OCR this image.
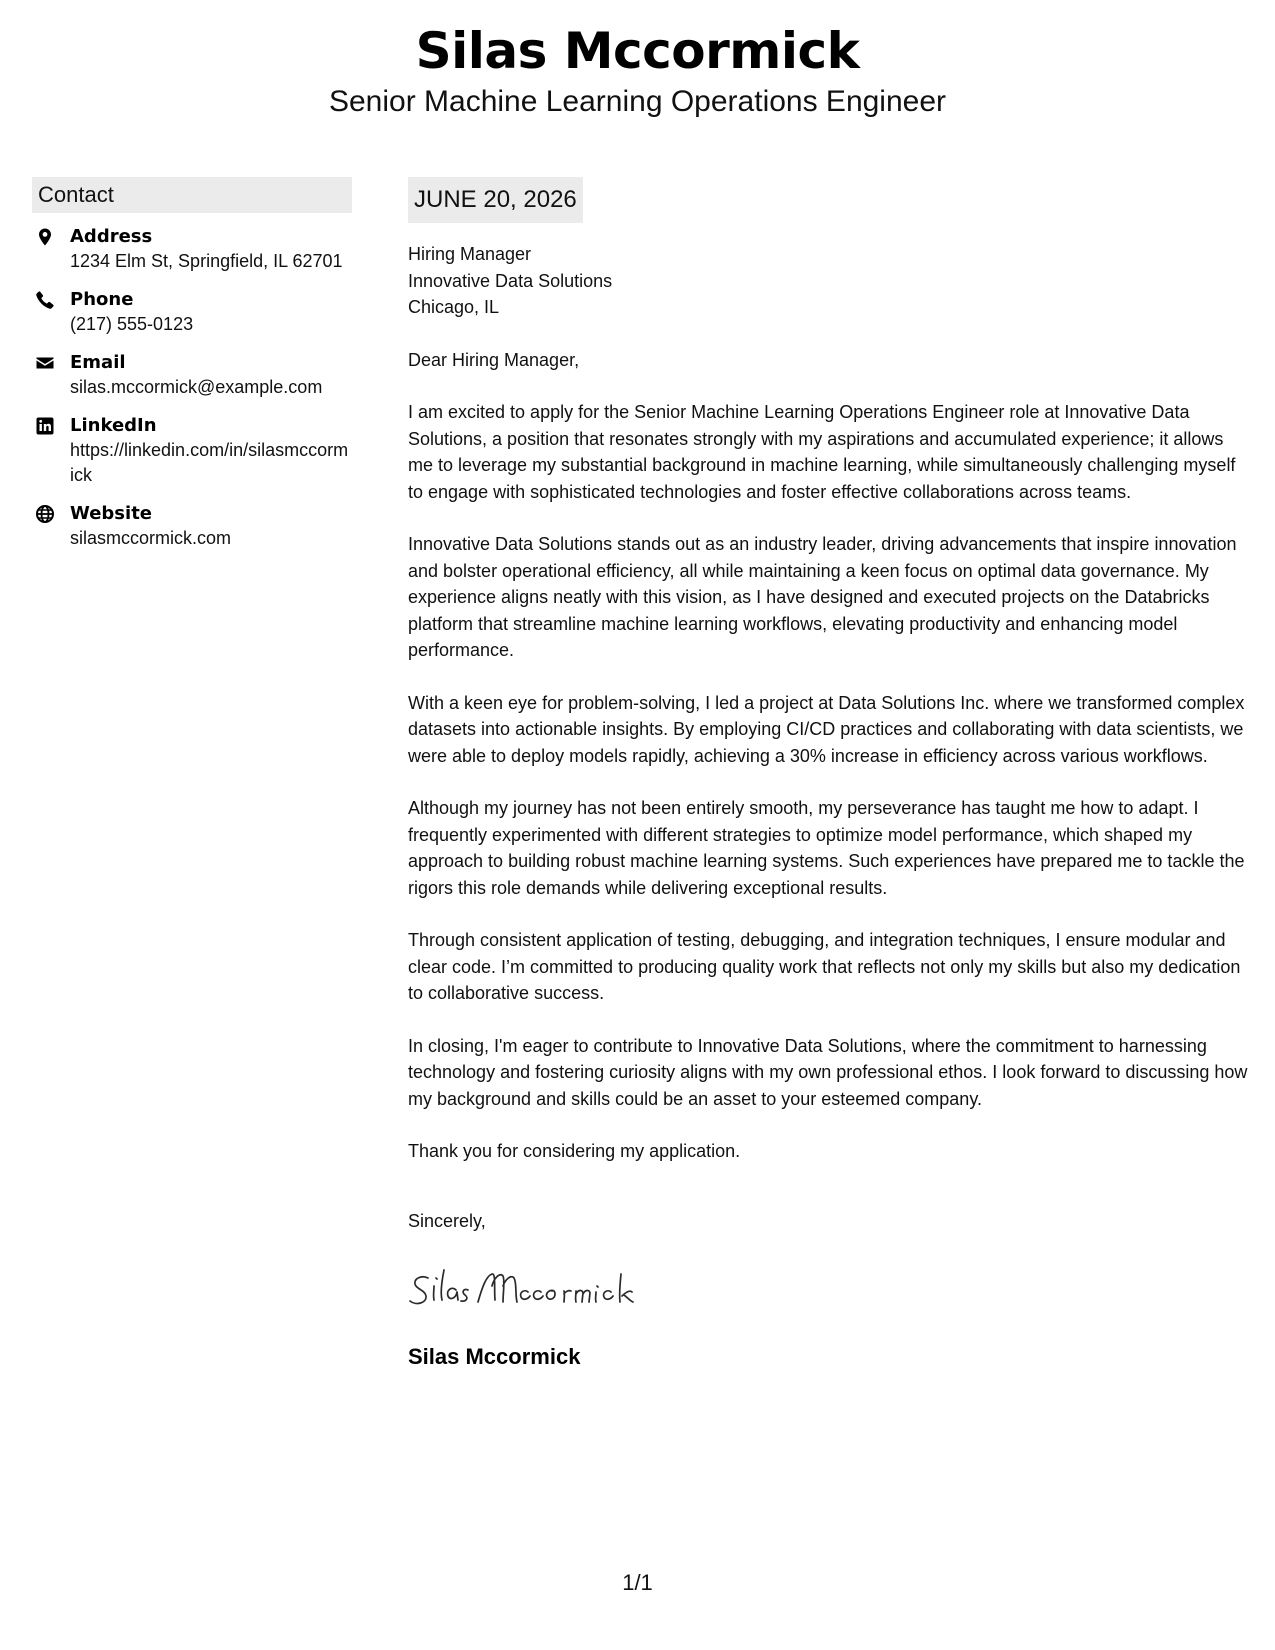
Silas Mccormick
Senior Machine Learning Operations Engineer
Contact
Address
1234 Elm St, Springfield, IL 62701
Phone
(217) 555-0123
Email
silas.mccormick@example.com
LinkedIn
https://linkedin.com/in/silasmccormick
Website
silasmccormick.com
JUNE 20, 2026
Hiring Manager
Innovative Data Solutions
Chicago, IL

Dear Hiring Manager,

I am excited to apply for the Senior Machine Learning Operations Engineer role at Innovative Data Solutions, a position that resonates strongly with my aspirations and accumulated experience; it allows me to leverage my substantial background in machine learning, while simultaneously challenging myself to engage with sophisticated technologies and foster effective collaborations across teams.

Innovative Data Solutions stands out as an industry leader, driving advancements that inspire innovation and bolster operational efficiency, all while maintaining a keen focus on optimal data governance. My experience aligns neatly with this vision, as I have designed and executed projects on the Databricks platform that streamline machine learning workflows, elevating productivity and enhancing model performance.

With a keen eye for problem-solving, I led a project at Data Solutions Inc. where we transformed complex datasets into actionable insights. By employing CI/CD practices and collaborating with data scientists, we were able to deploy models rapidly, achieving a 30% increase in efficiency across various workflows.

Although my journey has not been entirely smooth, my perseverance has taught me how to adapt. I frequently experimented with different strategies to optimize model performance, which shaped my approach to building robust machine learning systems. Such experiences have prepared me to tackle the rigors this role demands while delivering exceptional results.

Through consistent application of testing, debugging, and integration techniques, I ensure modular and clear code. I’m committed to producing quality work that reflects not only my skills but also my dedication to collaborative success.

In closing, I'm eager to contribute to Innovative Data Solutions, where the commitment to harnessing technology and fostering curiosity aligns with my own professional ethos. I look forward to discussing how my background and skills could be an asset to your esteemed company.

Thank you for considering my application.

Sincerely,
Silas Mccormick
1/1
